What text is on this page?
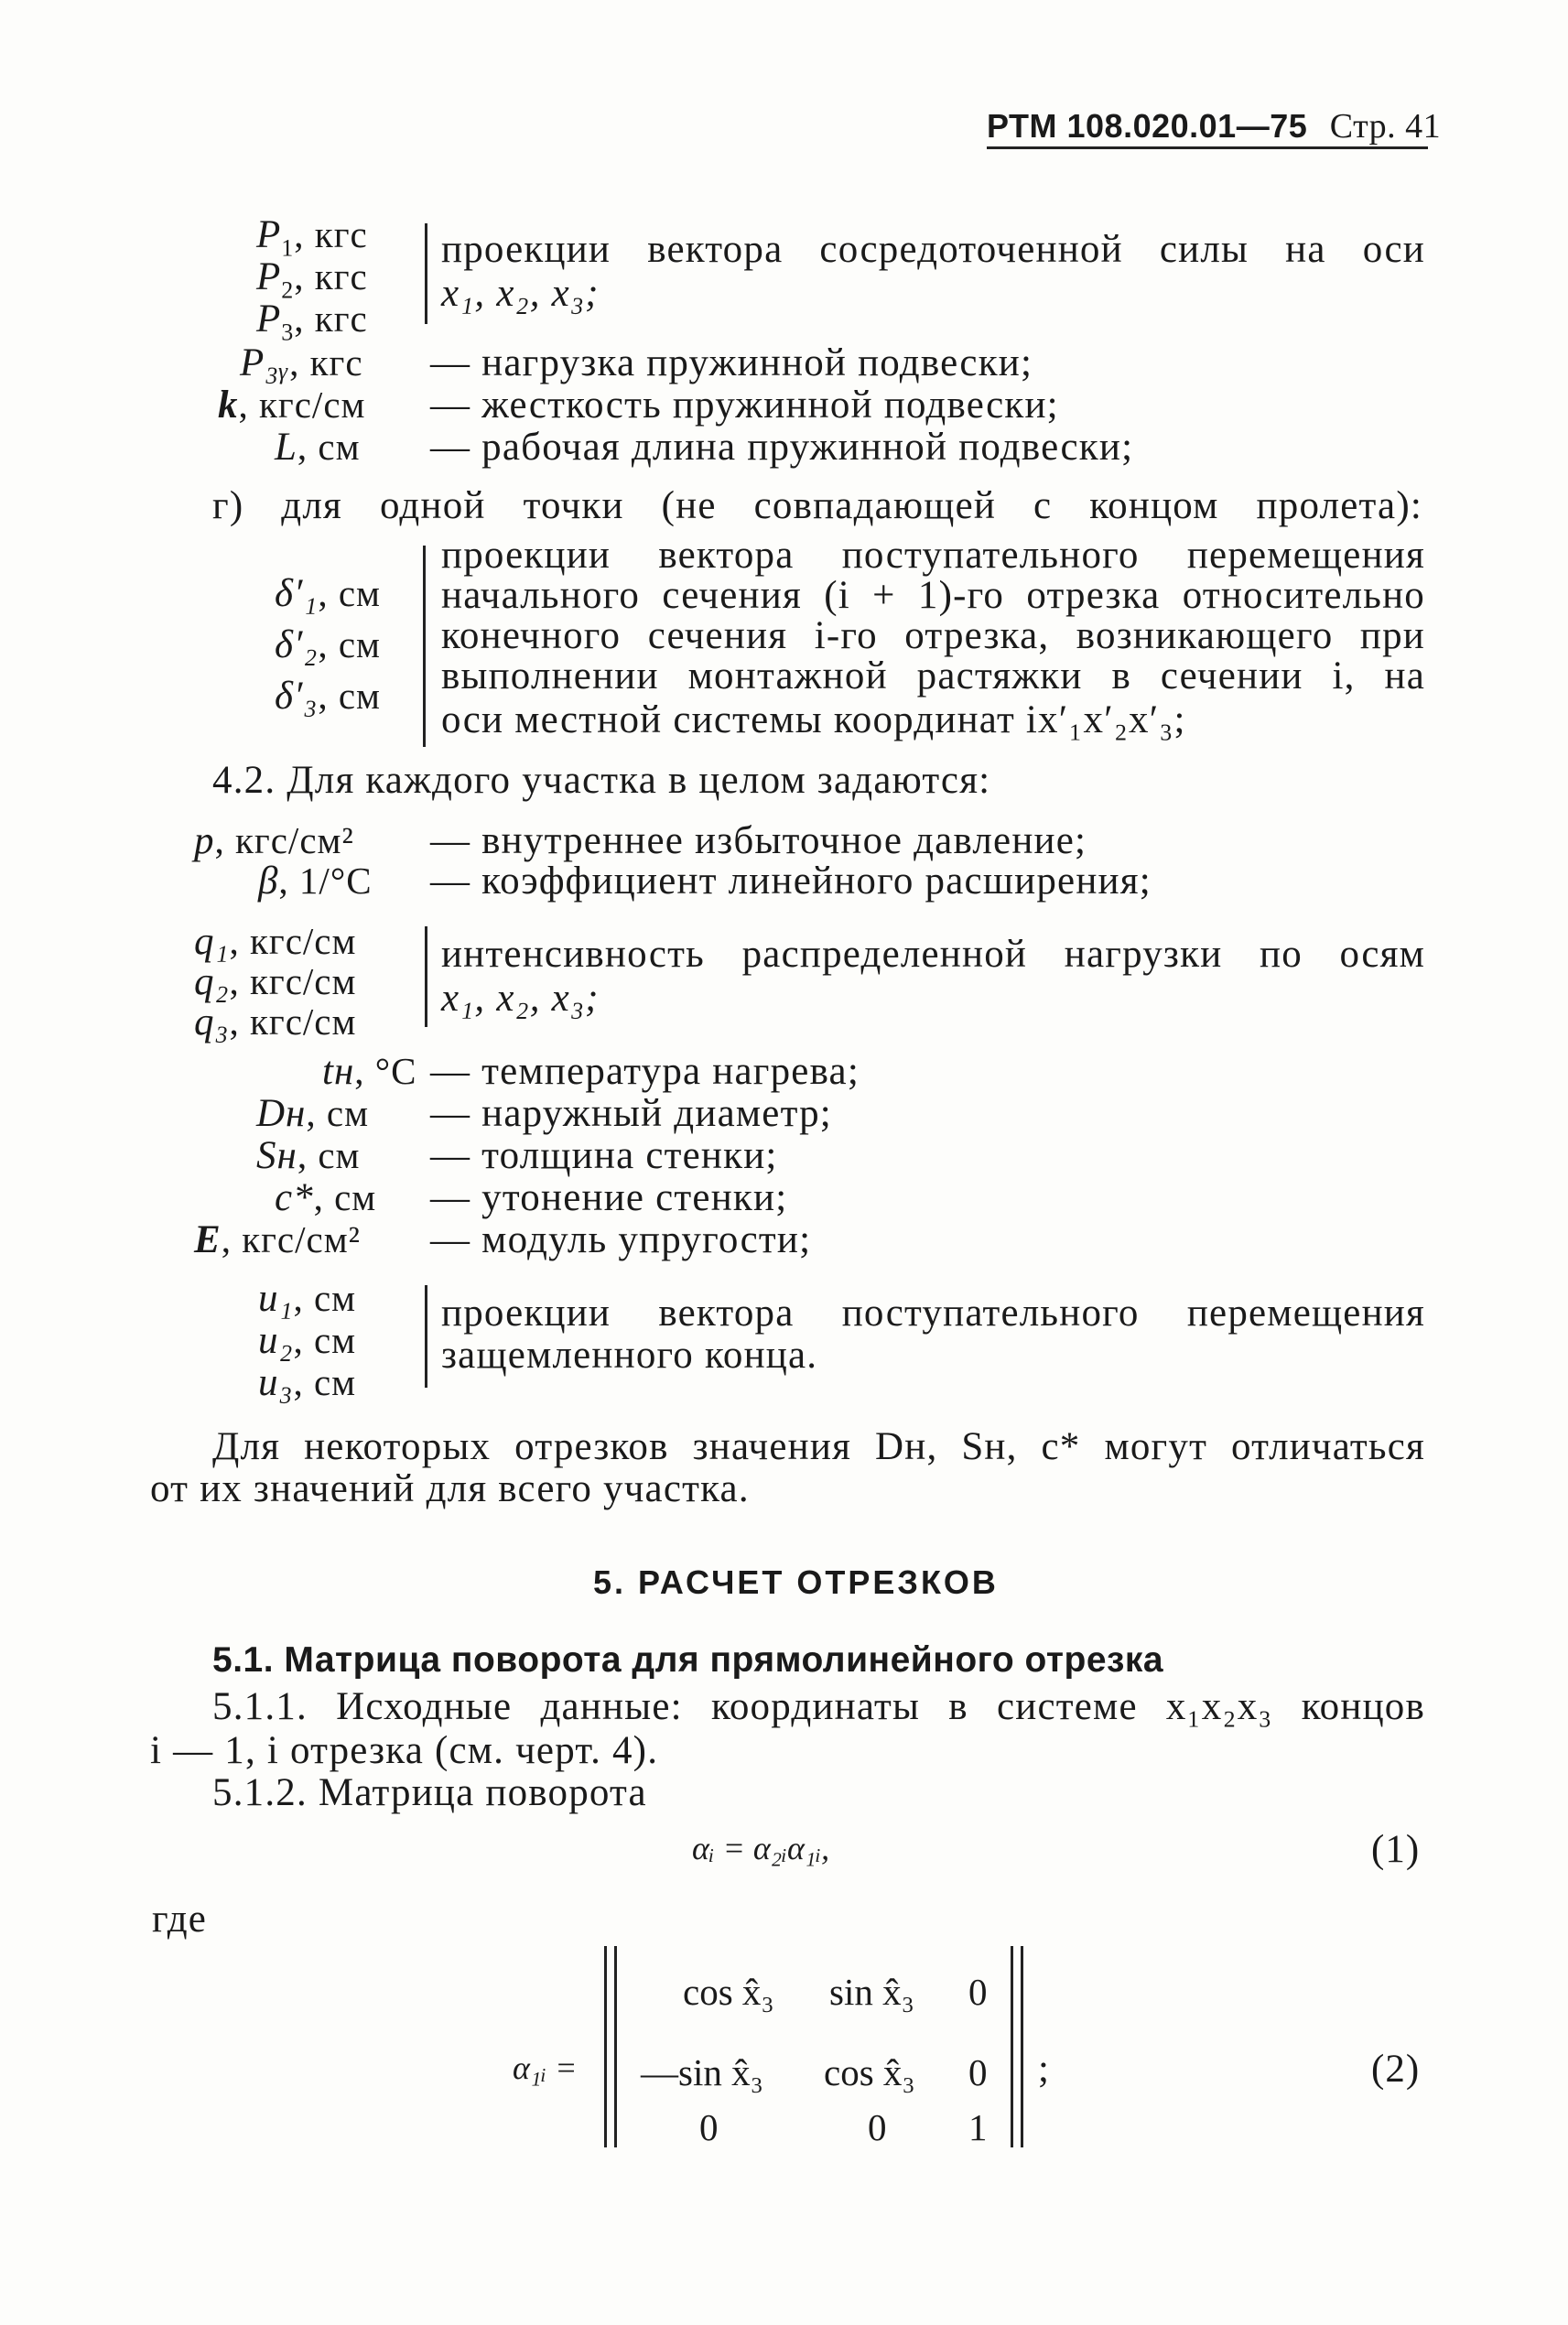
РТМ 108.020.01—75 Стр. 41
$P_1$, кгс
$P_2$, кгс
$P_3$, кгс
проекции вектора сосредоточенной силы на оси
x₁, x₂, x₃;
P₃ᵧ, кгс — нагрузка пружинной подвески;
k, кгс/см — жесткость пружинной подвески;
L, см — рабочая длина пружинной подвески;
г) для одной точки (не совпадающей с концом пролета):
δ′₁, см
δ′₂, см
δ′₃, см
проекции вектора поступательного перемещения
начального сечения (i + 1)-го отрезка относительно
конечного сечения i-го отрезка, возникающего при
выполнении монтажной растяжки в сечении i, на
оси местной системы координат ix′₁x′₂x′₃;
4.2. Для каждого участка в целом задаются:
p, кгс/см² — внутреннее избыточное давление;
β, 1/°С — коэффициент линейного расширения;
q₁, кгс/см
q₂, кгс/см
q₃, кгс/см
интенсивность распределенной нагрузки по осям
x₁, x₂, x₃;
tн, °С — температура нагрева;
Dн, см — наружный диаметр;
Sн, см — толщина стенки;
c*, см — утонение стенки;
E, кгс/см² — модуль упругости;
u₁, см
u₂, см
u₃, см
проекции вектора поступательного перемещения
защемленного конца.
Для некоторых отрезков значения Dн, Sн, c* могут отличаться
от их значений для всего участка.
5. РАСЧЕТ ОТРЕЗКОВ
5.1. Матрица поворота для прямолинейного отрезка
5.1.1. Исходные данные: координаты в системе x₁x₂x₃ концов
i — 1, i отрезка (см. черт. 4).
5.1.2. Матрица поворота
αᵢ = α₂ᵢα₁ᵢ,	(1)
где
α₁ᵢ =
cos x̂₃ sin x̂₃ 0
—sin x̂₃ cos x̂₃ 0
0	0 1
;	(2)
